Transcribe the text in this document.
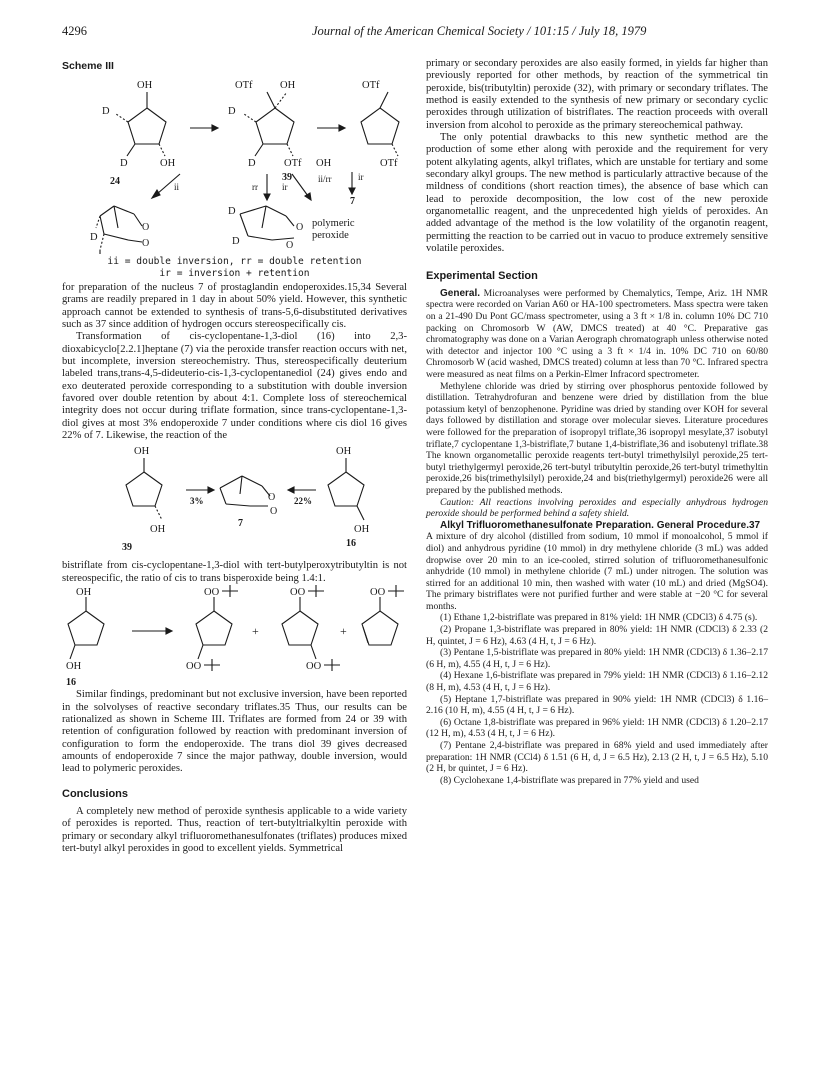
4296	Journal of the American Chemical Society / 101:15 / July 18, 1979
Scheme III
OH
D
D	OH
24
OTf	OH
D
D	OTf OH
OTf
OTf
ii	rr
39
ir
ii/rr	ir
7
O
O
D
D
D
O
O
polymeric
peroxide
ii = double inversion, rr = double retention
ir = inversion + retention

for preparation of the nucleus 7 of prostaglandin endoperoxides.15,34 Several grams are readily prepared in 1 day in about 50% yield. However, this synthetic approach cannot be extended to synthesis of trans-5,6-disubstituted derivatives such as 37 since addition of hydrogen occurs stereospecifically cis.

Transformation of cis-cyclopentane-1,3-diol (16) into 2,3-dioxabicyclo[2.2.1]heptane (7) via the peroxide transfer reaction occurs with net, but incomplete, inversion stereochemistry. Thus, stereospecifically deuterium labeled trans,trans-4,5-dideuterio-cis-1,3-cyclopentanediol (24) gives endo and exo deuterated peroxide corresponding to a substitution with double inversion favored over double retention by about 4:1. Complete loss of stereochemical integrity does not occur during triflate formation, since trans-cyclopentane-1,3-diol gives at most 3% endoperoxide 7 under conditions where cis diol 16 gives 22% of 7. Likewise, the reaction of the

OH
OH
39
3%	O
O
7
22%
OH
OH
16

bistriflate from cis-cyclopentane-1,3-diol with tert-butylperoxytributyltin is not stereospecific, the ratio of cis to trans bisperoxide being 1.4:1.

OH
OH
16
OO
OO
+
OO
OO
+
OO

Similar findings, predominant but not exclusive inversion, have been reported in the solvolyses of reactive secondary triflates.35 Thus, our results can be rationalized as shown in Scheme III. Triflates are formed from 24 or 39 with retention of configuration followed by reaction with predominant inversion of configuration to form the endoperoxide. The trans diol 39 gives decreased amounts of endoperoxide 7 since the major pathway, double inversion, would lead to polymeric peroxides.

Conclusions

A completely new method of peroxide synthesis applicable to a wide variety of peroxides is reported. Thus, reaction of tert-butyltrialkyltin peroxide with primary or secondary alkyl trifluoromethanesulfonates (triflates) produces mixed tert-butyl alkyl peroxides in good to excellent yields. Symmetrical

primary or secondary peroxides are also easily formed, in yields far higher than previously reported for other methods, by reaction of the symmetrical tin peroxide, bis(tributyltin) peroxide (32), with primary or secondary triflates. The method is easily extended to the synthesis of new primary or secondary cyclic peroxides through utilization of bistriflates. The reaction proceeds with overall inversion from alcohol to peroxide as the primary stereochemical pathway.

The only potential drawbacks to this new synthetic method are the production of some ether along with peroxide and the requirement for very potent alkylating agents, alkyl triflates, which are unstable for tertiary and some secondary alkyl groups. The new method is particularly attractive because of the mildness of conditions (short reaction times), the absence of base which can lead to peroxide decomposition, the low cost of the new peroxide organometallic reagent, and the unprecedented high yields of peroxides. An added advantage of the method is the low volatility of the organotin reagent, permitting the reaction to be carried out in vacuo to produce extremely sensitive volatile peroxides.

Experimental Section

General. Microanalyses were performed by Chemalytics, Tempe, Ariz. 1H NMR spectra were recorded on Varian A60 or HA-100 spectrometers. Mass spectra were taken on a 21-490 Du Pont GC/mass spectrometer, using a 3 ft × 1/8 in. column 10% DC 710 packing on Chromosorb W (AW, DMCS treated) at 40 °C. Preparative gas chromatography was done on a Varian Aerograph chromatograph unless otherwise noted with detector and injector 100 °C using a 3 ft × 1/4 in. 10% DC 710 on 60/80 Chromosorb W (acid washed, DMCS treated) column at less than 70 °C. Infrared spectra were measured as neat films on a Perkin-Elmer Infracord spectrometer.

Methylene chloride was dried by stirring over phosphorus pentoxide followed by distillation. Tetrahydrofuran and benzene were dried by distillation from the blue potassium ketyl of benzophenone. Pyridine was dried by standing over KOH for several days followed by distillation and storage over molecular sieves. Literature procedures were followed for the preparation of isopropyl triflate,36 isopropyl mesylate,37 isobutyl triflate,7 cyclopentane 1,3-bistriflate,7 butane 1,4-bistriflate,36 and isobutenyl triflate.38 The known organometallic peroxide reagents tert-butyl trimethylsilyl peroxide,25 tert-butyl triethylgermyl peroxide,26 tert-butyl tributyltin peroxide,26 tert-butyl trimethyltin peroxide,26 bis(trimethylsilyl) peroxide,24 and bis(triethylgermyl) peroxide26 were all prepared by the published methods.

Caution: All reactions involving peroxides and especially anhydrous hydrogen peroxide should be performed behind a safety shield.

Alkyl Trifluoromethanesulfonate Preparation. General Procedure.37

A mixture of dry alcohol (distilled from sodium, 10 mmol if monoalcohol, 5 mmol if diol) and anhydrous pyridine (10 mmol) in dry methylene chloride (3 mL) was added dropwise over 20 min to an ice-cooled, stirred solution of trifluoromethanesulfonic anhydride (10 mmol) in methylene chloride (7 mL) under nitrogen. The solution was stirred for an additional 10 min, then washed with water (10 mL) and dried (MgSO4). The primary bistriflates were not purified further and were stable at −20 °C for several months.

(1) Ethane 1,2-bistriflate was prepared in 81% yield: 1H NMR (CDCl3) δ 4.75 (s).

(2) Propane 1,3-bistriflate was prepared in 80% yield: 1H NMR (CDCl3) δ 2.33 (2 H, quintet, J = 6 Hz), 4.63 (4 H, t, J = 6 Hz).

(3) Pentane 1,5-bistriflate was prepared in 80% yield: 1H NMR (CDCl3) δ 1.36–2.17 (6 H, m), 4.55 (4 H, t, J = 6 Hz).

(4) Hexane 1,6-bistriflate was prepared in 79% yield: 1H NMR (CDCl3) δ 1.16–2.12 (8 H, m), 4.53 (4 H, t, J = 6 Hz).

(5) Heptane 1,7-bistriflate was prepared in 90% yield: 1H NMR (CDCl3) δ 1.16–2.16 (10 H, m), 4.55 (4 H, t, J = 6 Hz).

(6) Octane 1,8-bistriflate was prepared in 96% yield: 1H NMR (CDCl3) δ 1.20–2.17 (12 H, m), 4.53 (4 H, t, J = 6 Hz).

(7) Pentane 2,4-bistriflate was prepared in 68% yield and used immediately after preparation: 1H NMR (CCl4) δ 1.51 (6 H, d, J = 6.5 Hz), 2.13 (2 H, t, J = 6.5 Hz), 5.10 (2 H, br quintet, J = 6 Hz).

(8) Cyclohexane 1,4-bistriflate was prepared in 77% yield and used
